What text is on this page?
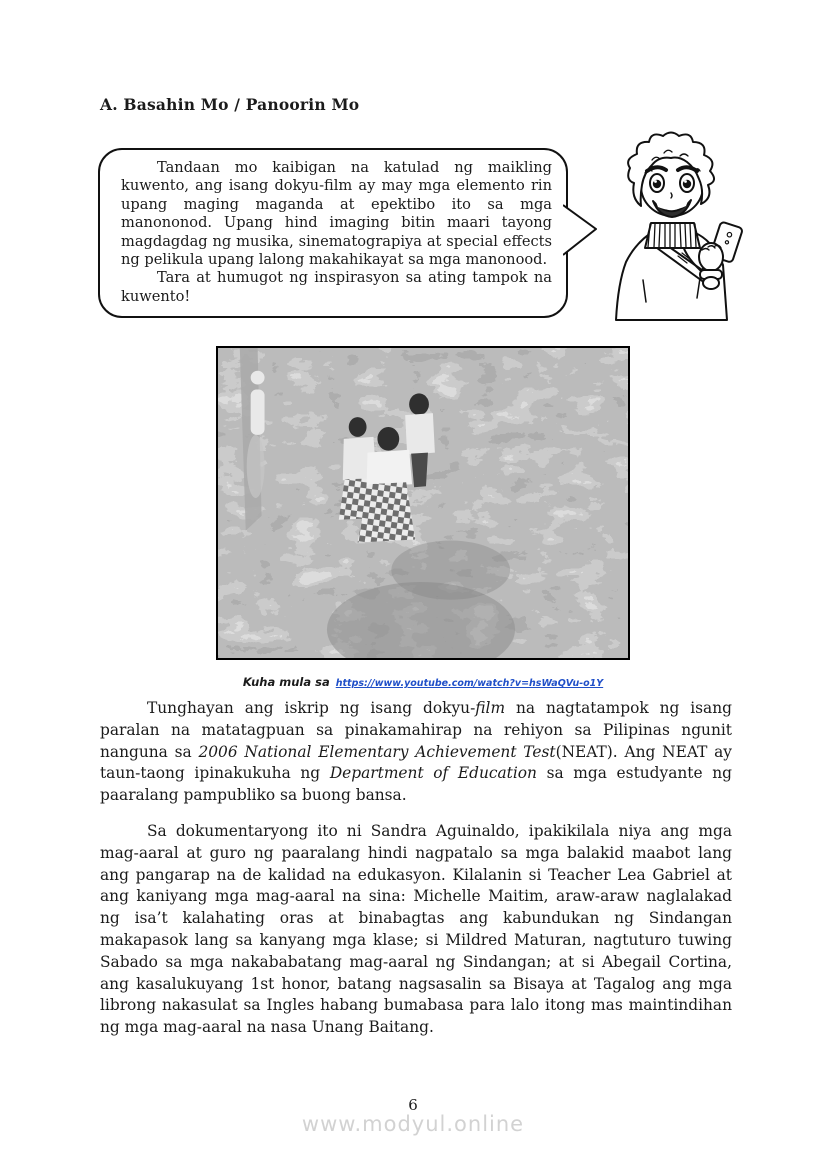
A. Basahin Mo / Panoorin Mo

Tandaan mo kaibigan na katulad ng maikling kuwento, ang isang dokyu-film ay may mga elemento rin upang maging maganda at epektibo ito sa mga manononod. Upang hind imaging bitin maari tayong magdagdag ng musika, sinematograpiya at special effects ng pelikula upang lalong makahikayat sa mga manonood.

Tara at humugot ng inspirasyon sa ating tampok na kuwento!

Kuha mula sa https://www.youtube.com/watch?v=hsWaQVu-o1Y

Tunghayan ang iskrip ng isang dokyu-film na nagtatampok ng isang paralan na matatagpuan sa pinakamahirap na rehiyon sa Pilipinas ngunit nanguna sa 2006 National Elementary Achievement Test(NEAT). Ang NEAT ay taun-taong ipinakukuha ng Department of Education sa mga estudyante ng paaralang pampubliko sa buong bansa.

Sa dokumentaryong ito ni Sandra Aguinaldo, ipakikilala niya ang mga mag-aaral at guro ng paaralang hindi nagpatalo sa mga balakid maabot lang ang pangarap na de kalidad na edukasyon. Kilalanin si Teacher Lea Gabriel at ang kaniyang mga mag-aaral na sina: Michelle Maitim, araw-araw naglalakad ng isa’t kalahating oras at binabagtas ang kabundukan ng Sindangan makapasok lang sa kanyang mga klase; si Mildred Maturan, nagtuturo tuwing Sabado sa mga nakababatang mag-aaral ng Sindangan; at si Abegail Cortina, ang kasalukuyang 1st honor, batang nagsasalin sa Bisaya at Tagalog ang mga librong nakasulat sa Ingles habang bumabasa para lalo itong mas maintindihan ng mga mag-aaral na nasa Unang Baitang.

6
www.modyul.online
